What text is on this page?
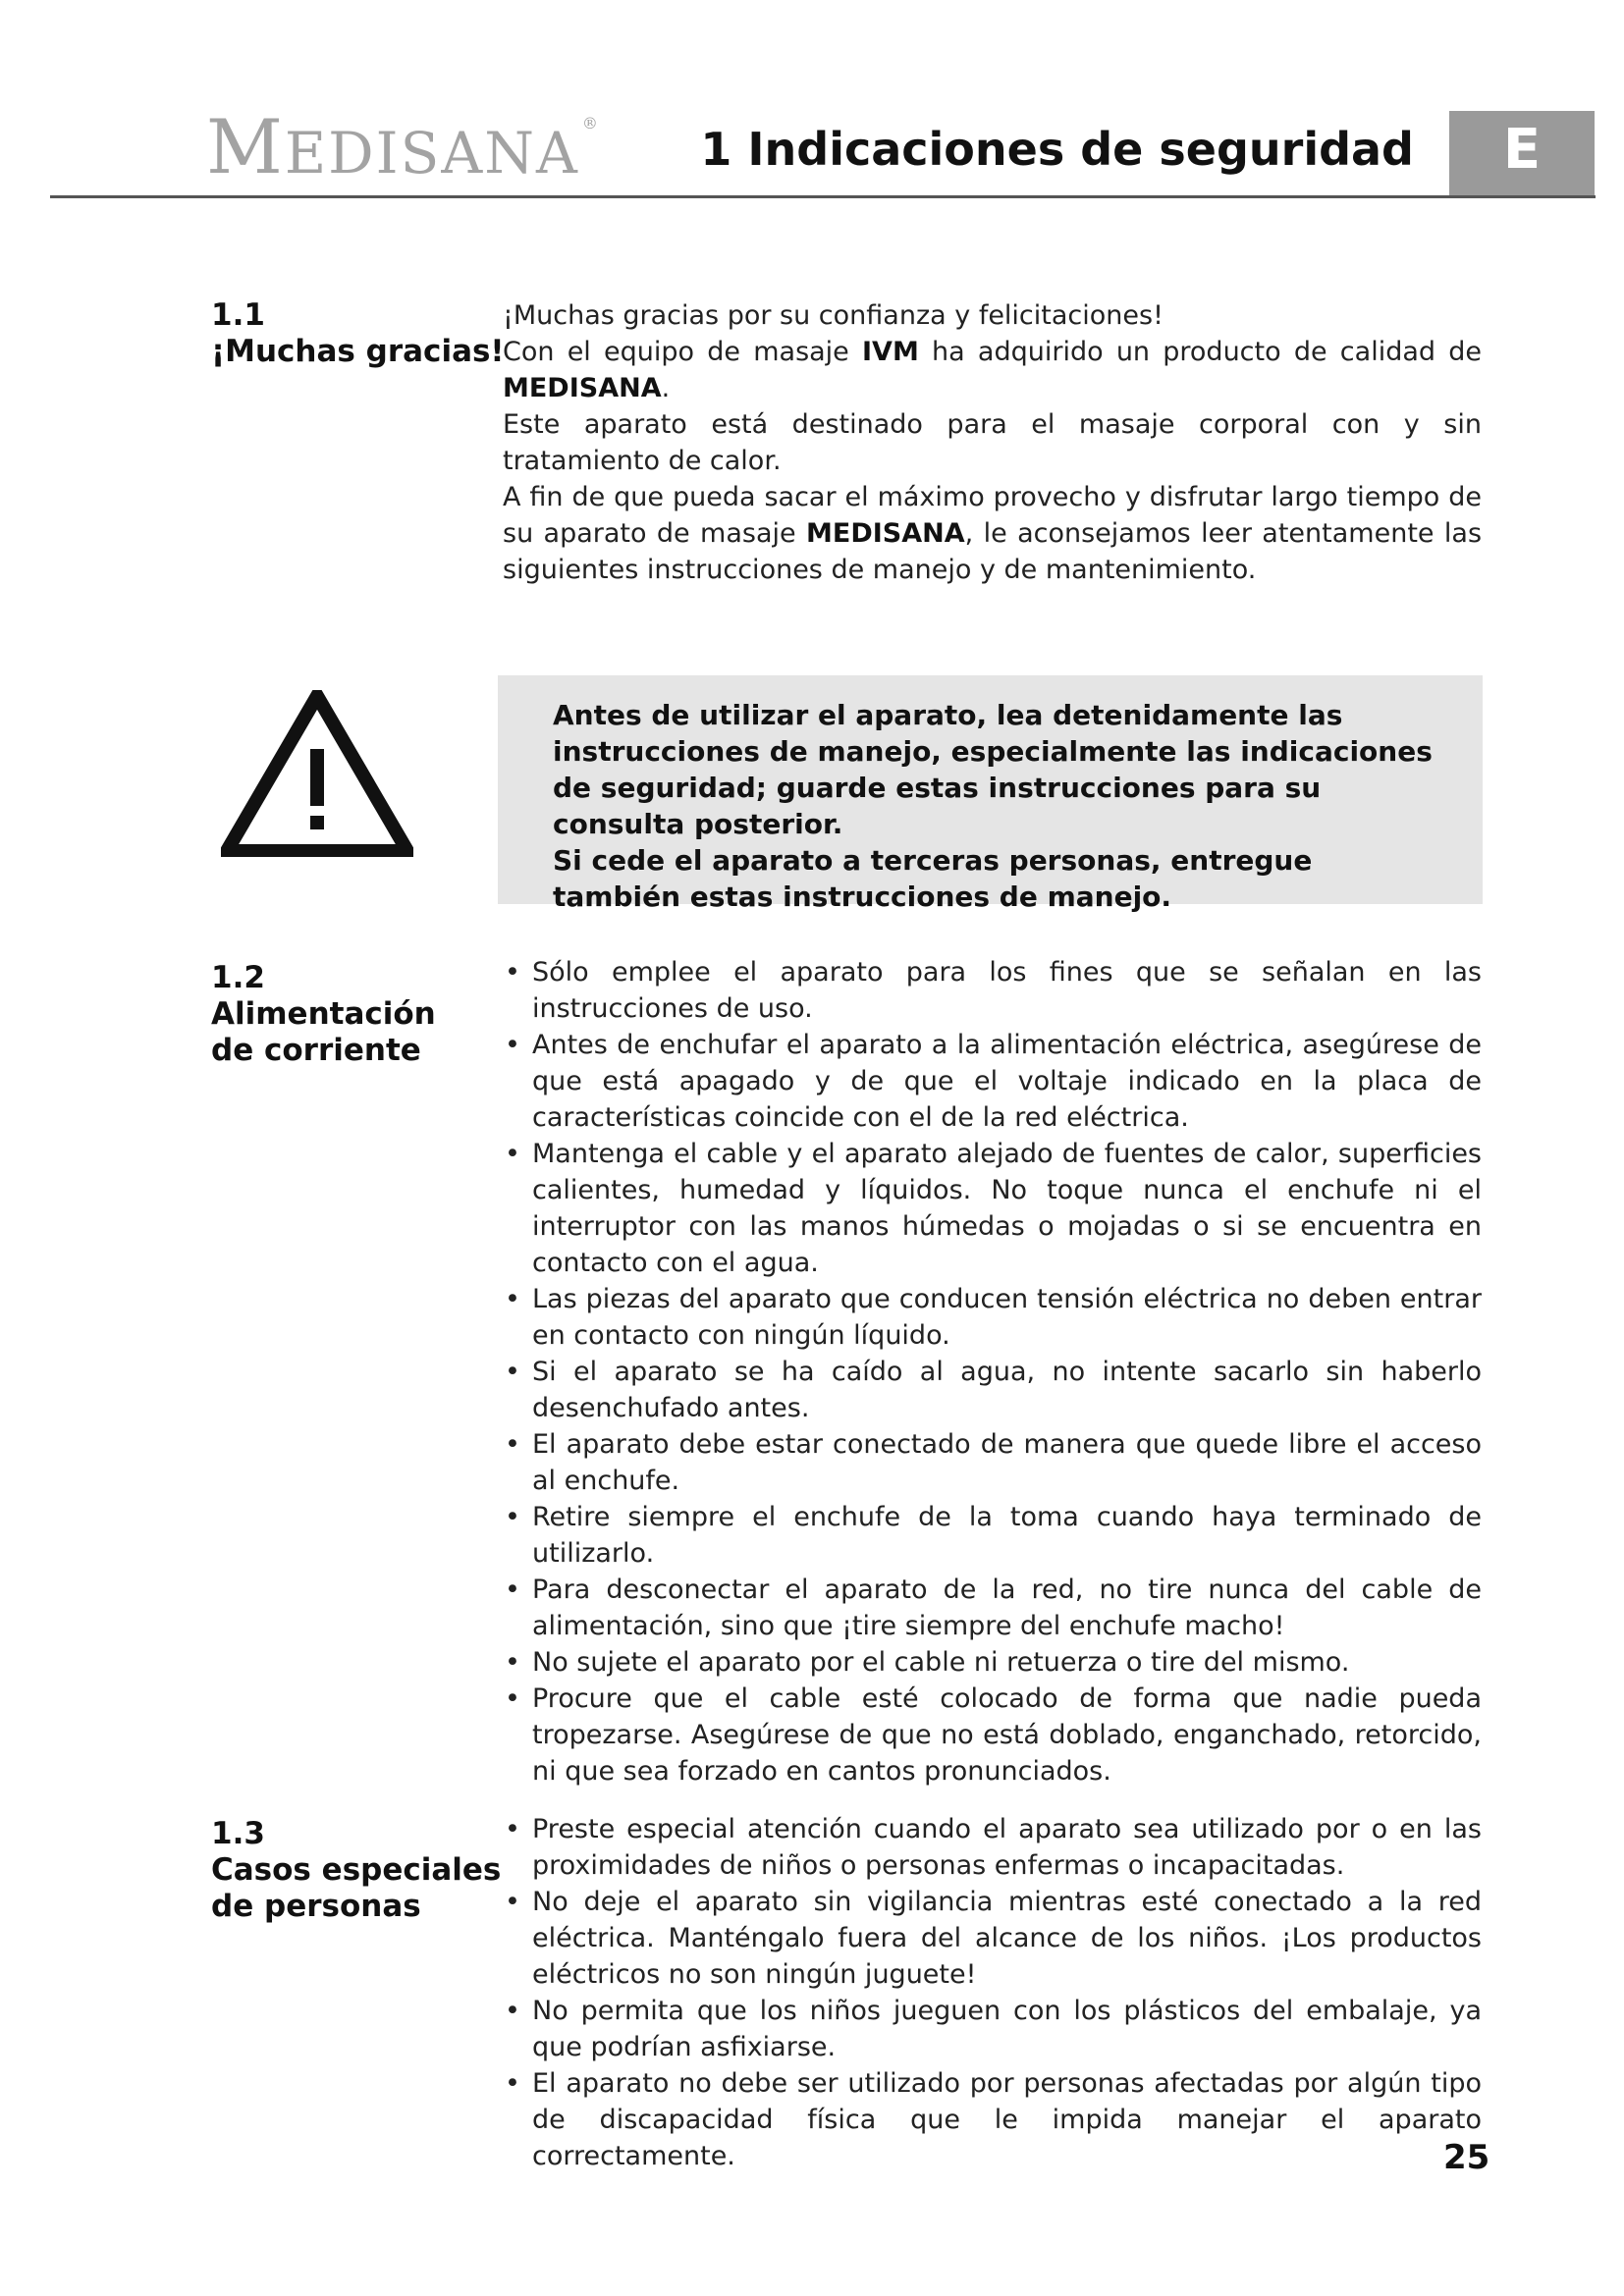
MEDISANA ® 1 Indicaciones de seguridad	E
1.1
¡Muchas gracias!

¡Muchas gracias por su confianza y felicitaciones!

Con el equipo de masaje IVM ha adquirido un producto de calidad de MEDISANA.

Este aparato está destinado para el masaje corporal con y sin tratamiento de calor.

A fin de que pueda sacar el máximo provecho y disfrutar largo tiempo de su aparato de masaje MEDISANA, le aconsejamos leer atentamente las siguientes instrucciones de manejo y de mantenimiento.

Antes de utilizar el aparato, lea detenidamente las instrucciones de manejo, especialmente las indicaciones de seguridad; guarde estas instrucciones para su consulta posterior.

Si cede el aparato a terceras personas, entregue también estas instrucciones de manejo.

1.2
Alimentación
de corriente
• Sólo emplee el aparato para los fines que se señalan en las instrucciones de uso.
• Antes de enchufar el aparato a la alimentación eléctrica, asegúrese de que está apagado y de que el voltaje indicado en la placa de características coincide con el de la red eléctrica.
• Mantenga el cable y el aparato alejado de fuentes de calor, superficies calientes, humedad y líquidos. No toque nunca el enchufe ni el interruptor con las manos húmedas o mojadas o si se encuentra en contacto con el agua.
• Las piezas del aparato que conducen tensión eléctrica no deben entrar en contacto con ningún líquido.
• Si el aparato se ha caído al agua, no intente sacarlo sin haberlo desenchufado antes.
• El aparato debe estar conectado de manera que quede libre el acceso al enchufe.
• Retire siempre el enchufe de la toma cuando haya terminado de utilizarlo.
• Para desconectar el aparato de la red, no tire nunca del cable de alimentación, sino que ¡tire siempre del enchufe macho!
• No sujete el aparato por el cable ni retuerza o tire del mismo.
• Procure que el cable esté colocado de forma que nadie pueda tropezarse. Asegúrese de que no está doblado, enganchado, retorcido, ni que sea forzado en cantos pronunciados.
1.3
Casos especiales
de personas
• Preste especial atención cuando el aparato sea utilizado por o en las proximidades de niños o personas enfermas o incapacitadas.
• No deje el aparato sin vigilancia mientras esté conectado a la red eléctrica. Manténgalo fuera del alcance de los niños. ¡Los productos eléctricos no son ningún juguete!
• No permita que los niños jueguen con los plásticos del embalaje, ya que podrían asfixiarse.
• El aparato no debe ser utilizado por personas afectadas por algún tipo de discapacidad física que le impida manejar el aparato correctamente.	25
